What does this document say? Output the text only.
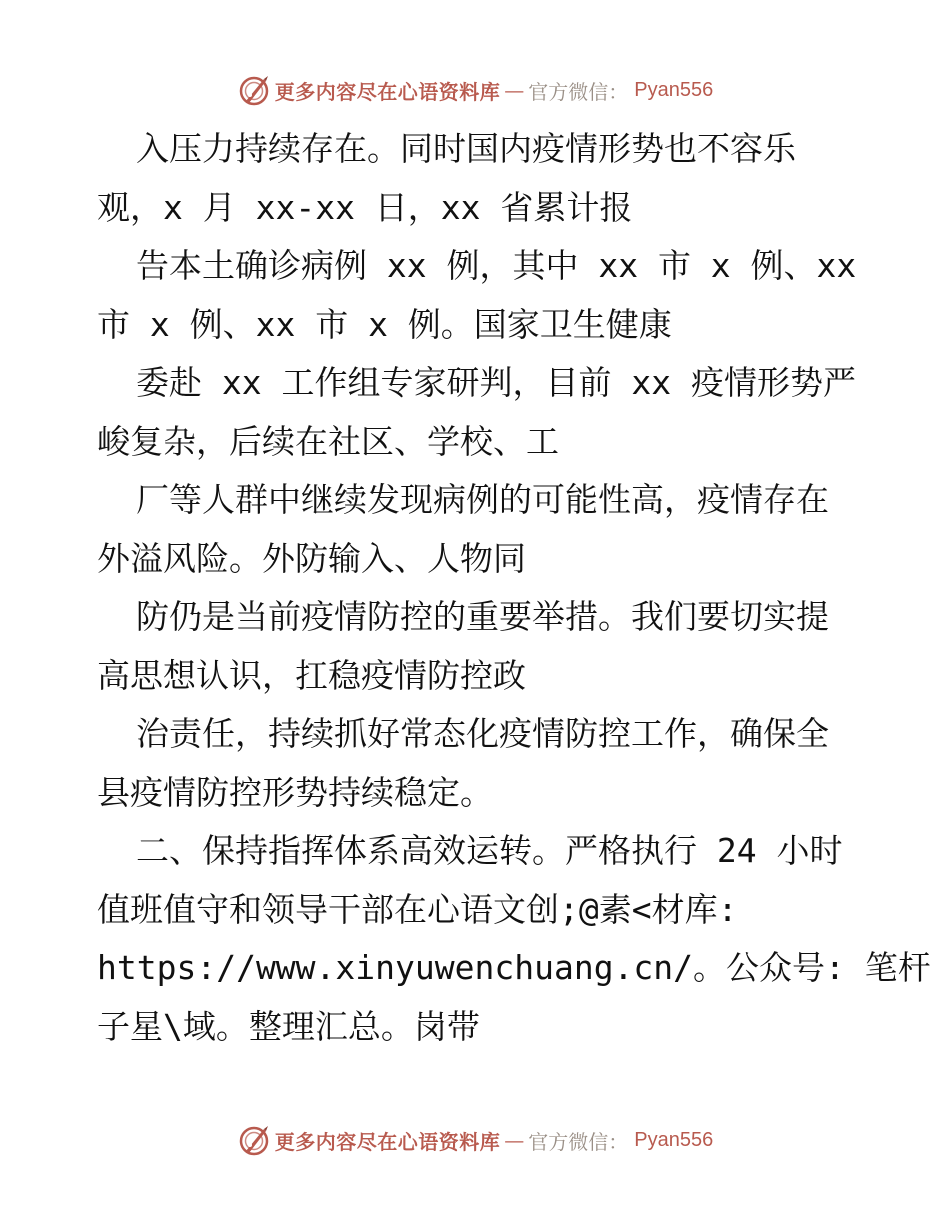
更多内容尽在心语资料库 — 官方微信： Pyan556
入压力持续存在。同时国内疫情形势也不容乐
观，x 月 xx-xx 日，xx 省累计报
告本土确诊病例 xx 例，其中 xx 市 x 例、xx
市 x 例、xx 市 x 例。国家卫生健康
委赴 xx 工作组专家研判，目前 xx 疫情形势严
峻复杂，后续在社区、学校、工
厂等人群中继续发现病例的可能性高，疫情存在
外溢风险。外防输入、人物同
防仍是当前疫情防控的重要举措。我们要切实提
高思想认识，扛稳疫情防控政
治责任，持续抓好常态化疫情防控工作，确保全
县疫情防控形势持续稳定。
二、保持指挥体系高效运转。严格执行 24 小时
值班值守和领导干部在心语文创;@素<材库:
https://www.xinyuwenchuang.cn/。公众号: 笔杆
子星\域。整理汇总。岗带
更多内容尽在心语资料库 — 官方微信： Pyan556
